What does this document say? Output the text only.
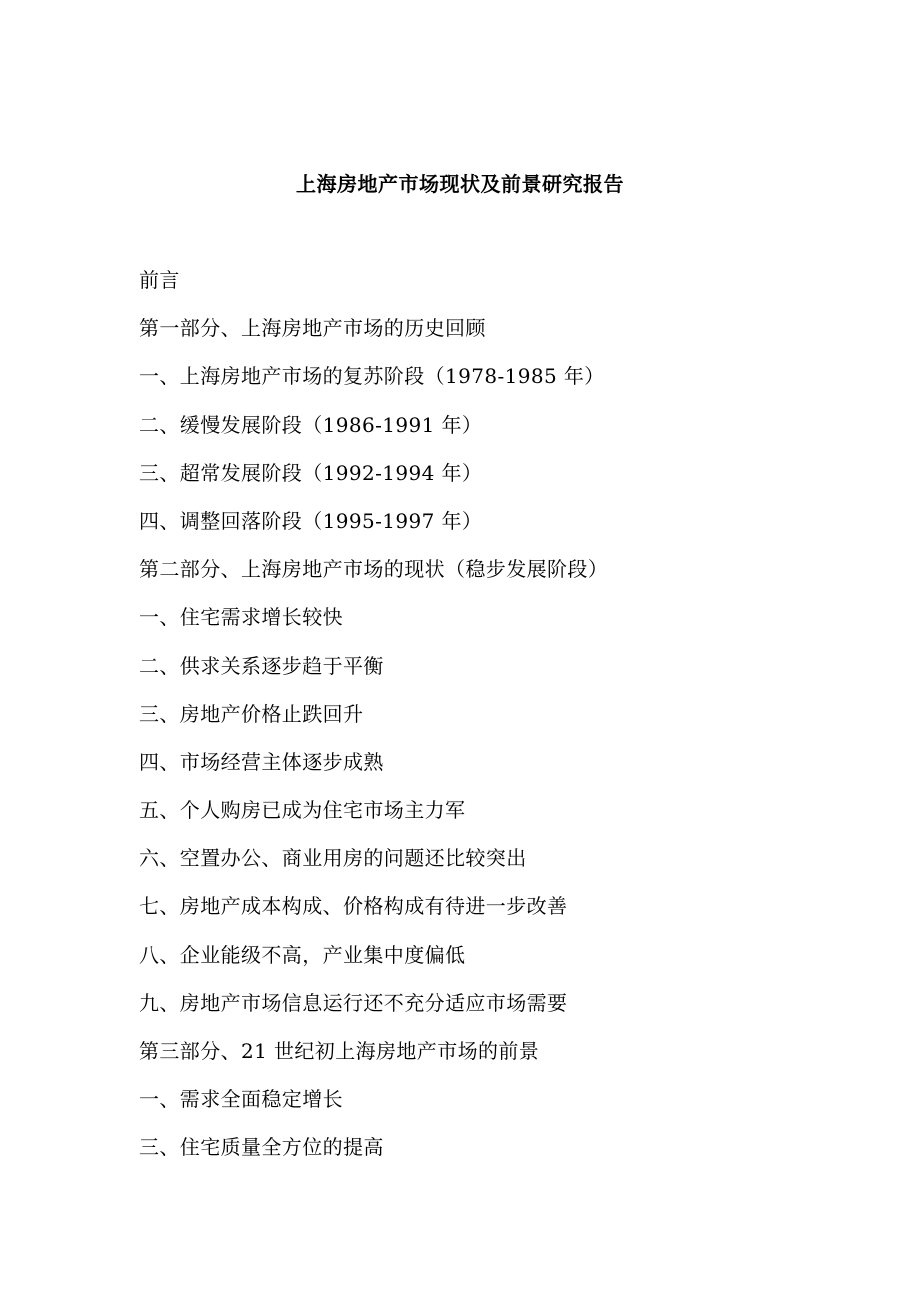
上海房地产市场现状及前景研究报告
前言
第一部分、上海房地产市场的历史回顾
一、上海房地产市场的复苏阶段（1978-1985 年）
二、缓慢发展阶段（1986-1991 年）
三、超常发展阶段（1992-1994 年）
四、调整回落阶段（1995-1997 年）
第二部分、上海房地产市场的现状（稳步发展阶段）
一、住宅需求增长较快
二、供求关系逐步趋于平衡
三、房地产价格止跌回升
四、市场经营主体逐步成熟
五、个人购房已成为住宅市场主力军
六、空置办公、商业用房的问题还比较突出
七、房地产成本构成、价格构成有待进一步改善
八、企业能级不高，产业集中度偏低
九、房地产市场信息运行还不充分适应市场需要
第三部分、21 世纪初上海房地产市场的前景
一、需求全面稳定增长
三、住宅质量全方位的提高
